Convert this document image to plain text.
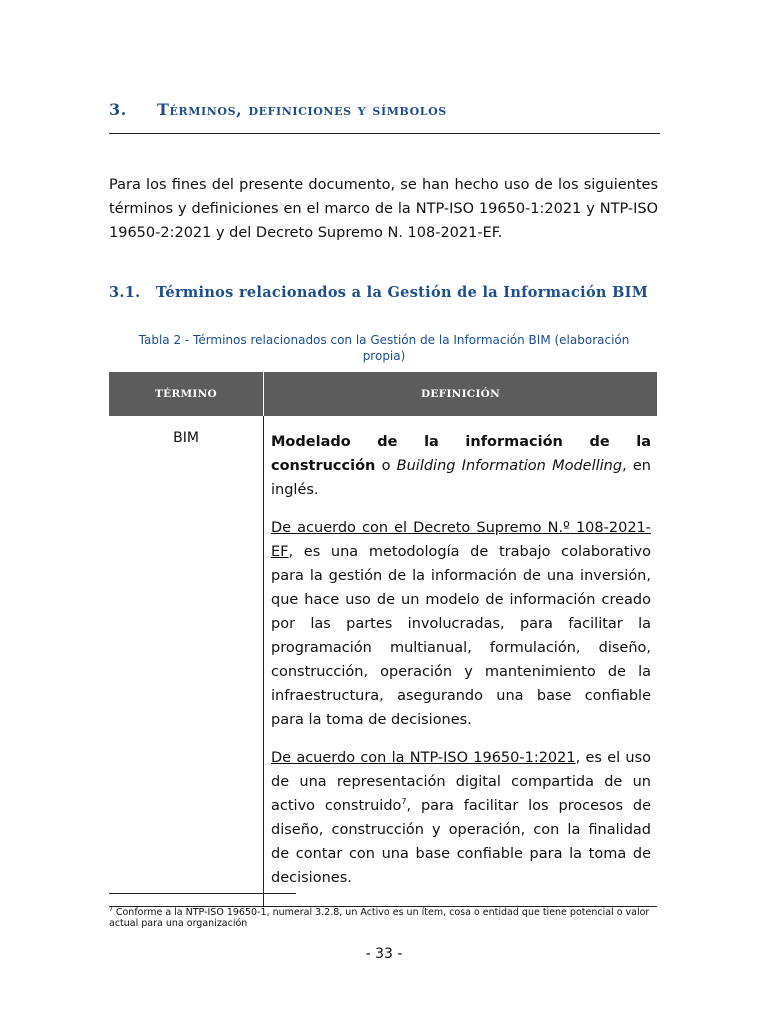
3.	Términos, definiciones y símbolos
Para los fines del presente documento, se han hecho uso de los siguientes términos y definiciones en el marco de la NTP-ISO 19650-1:2021 y NTP-ISO 19650-2:2021 y del Decreto Supremo N. 108-2021-EF.
3.1.	Términos relacionados a la Gestión de la Información BIM
Tabla 2 - Términos relacionados con la Gestión de la Información BIM (elaboración propia)
TÉRMINO	DEFINICIÓN
BIM	Modelado de la información de la construcción o Building Information Modelling, en inglés.

De acuerdo con el Decreto Supremo N.º 108-2021-EF, es una metodología de trabajo colaborativo para la gestión de la información de una inversión, que hace uso de un modelo de información creado por las partes involucradas, para facilitar la programación multianual, formulación, diseño, construcción, operación y mantenimiento de la infraestructura, asegurando una base confiable para la toma de decisiones.

De acuerdo con la NTP-ISO 19650-1:2021, es el uso de una representación digital compartida de un activo construido$^7$, para facilitar los procesos de diseño, construcción y operación, con la finalidad de contar con una base confiable para la toma de decisiones.

$^7$ Conforme a la NTP-ISO 19650-1, numeral 3.2.8, un Activo es un ítem, cosa o entidad que tiene potencial o valor actual para una organización
- 33 -
